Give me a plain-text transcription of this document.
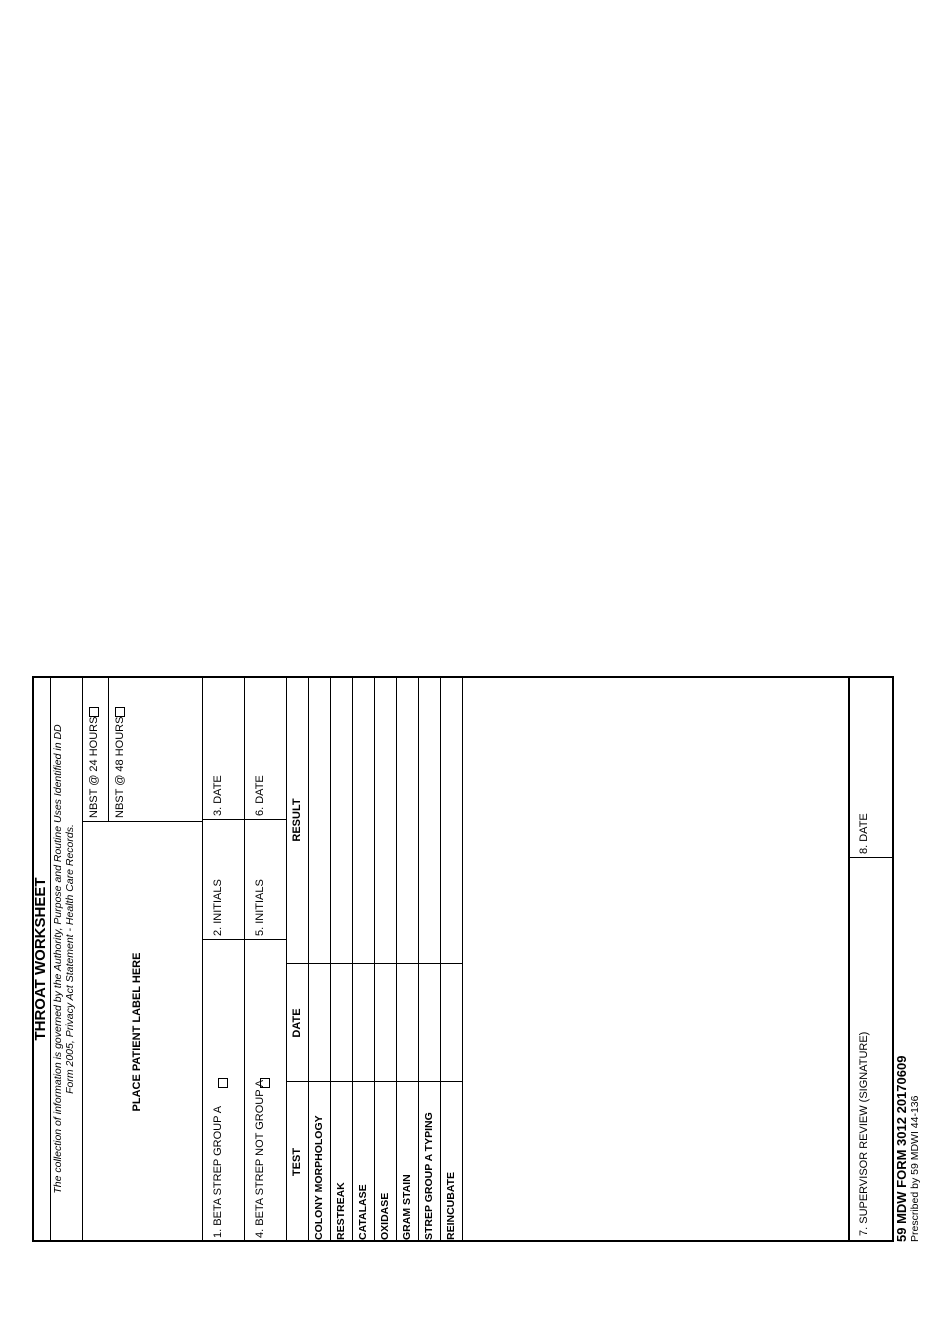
THROAT WORKSHEET The collection of information is governed by the Authority, Purpose and Routine Uses Identified in DD Form 2005, Privacy Act Statement - Health Care Records.	PLACE PATIENT LABEL HERE
NBST @ 24 HOURS NBST @ 48 HOURS
1. BETA STREP GROUP A
2. INITIALS
3. DATE
4. BETA STREP NOT GROUP A
5. INITIALS
6. DATE
TEST
DATE
RESULT
COLONY MORPHOLOGY RESTREAK CATALASE OXIDASE GRAM STAIN STREP GROUP A TYPING REINCUBATE	7. SUPERVISOR REVIEW (SIGNATURE)
8. DATE
59 MDW FORM 3012 20170609 Prescribed by 59 MDWI 44-136
